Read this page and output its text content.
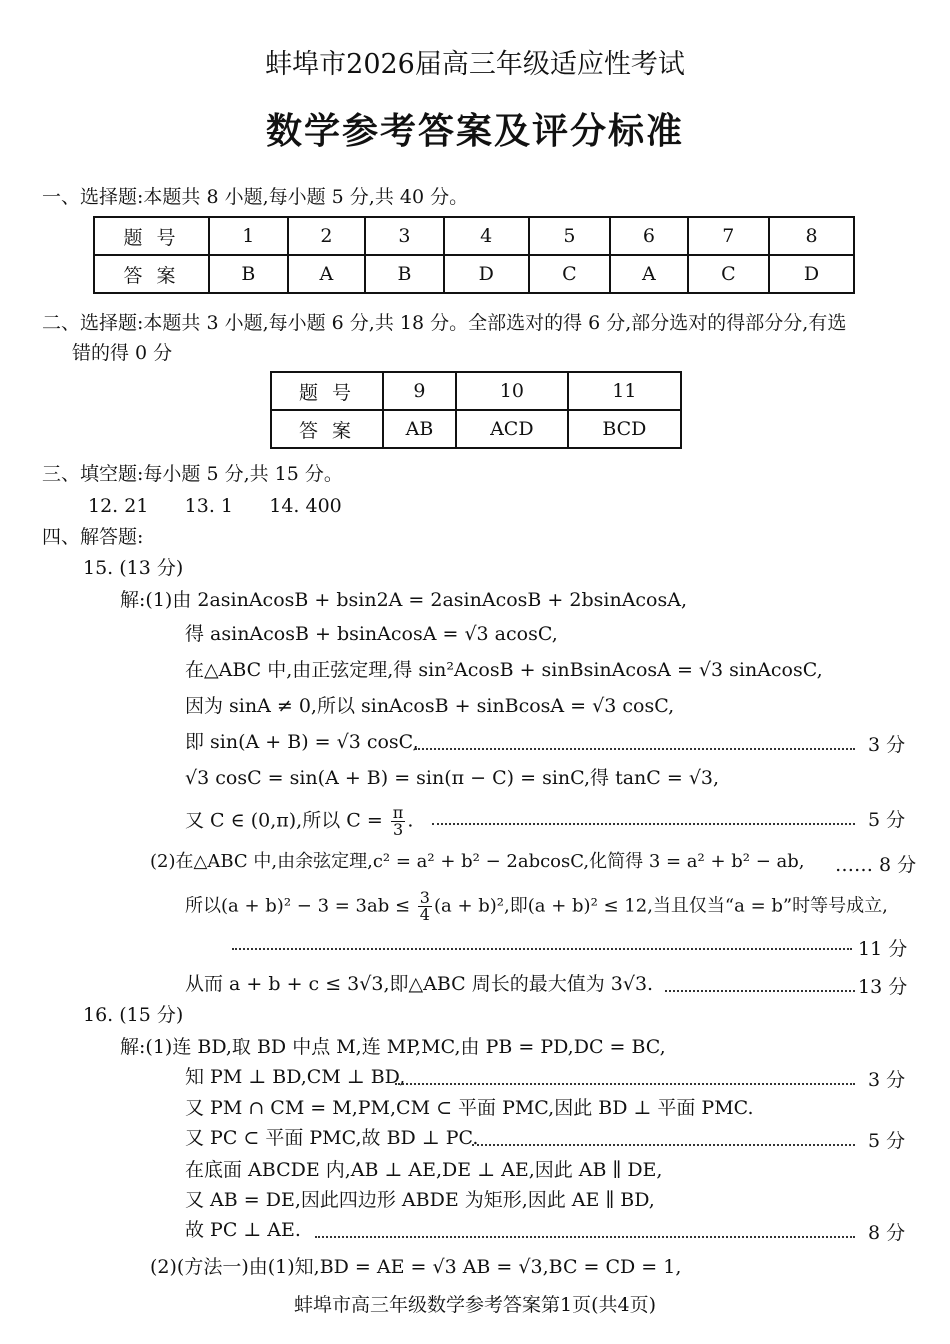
蚌埠市2026届高三年级适应性考试
数学参考答案及评分标准
一、选择题:本题共 8 小题,每小题 5 分,共 40 分。
题号	1	2	3	4	5	6	7	8
答案	B	A	B	D	C	A	C	D
二、选择题:本题共 3 小题,每小题 6 分,共 18 分。全部选对的得 6 分,部分选对的得部分分,有选
错的得 0 分
题号	9	10	11
答案	AB	ACD	BCD
三、填空题:每小题 5 分,共 15 分。
12. 21      13. 1      14. 400
四、解答题:
15. (13 分)
解:(1)由 2asinAcosB + bsin2A = 2asinAcosB + 2bsinAcosA,
得 asinAcosB + bsinAcosA = √3 acosC,
在△ABC 中,由正弦定理,得 sin²AcosB + sinBsinAcosA = √3 sinAcosC,
因为 sinA ≠ 0,所以 sinAcosB + sinBcosA = √3 cosC,
即 sin(A + B) = √3 cosC,	3 分
√3 cosC = sin(A + B) = sin(π − C) = sinC,得 tanC = √3,
又 C ∈ (0,π),所以 $C = \frac{\pi}{3}$ .	5 分
(2)在△ABC 中,由余弦定理,c² = a² + b² − 2abcosC,化简得 3 = a² + b² − ab, …… 8 分
所以$(a + b)^2 - 3 = 3ab \le \frac{3}{4} (a + b)^2$,即(a + b)² ≤ 12,当且仅当“a = b”时等号成立,
11 分
从而 a + b + c ≤ 3√3,即△ABC 周长的最大值为 3√3.	13 分
16. (15 分)
解:(1)连 BD,取 BD 中点 M,连 MP,MC,由 PB = PD,DC = BC,
知 PM ⊥ BD,CM ⊥ BD,	3 分
又 PM ∩ CM = M,PM,CM ⊂ 平面 PMC,因此 BD ⊥ 平面 PMC.
又 PC ⊂ 平面 PMC,故 BD ⊥ PC.	5 分
在底面 ABCDE 内,AB ⊥ AE,DE ⊥ AE,因此 AB ∥ DE,
又 AB = DE,因此四边形 ABDE 为矩形,因此 AE ∥ BD,
故 PC ⊥ AE.	8 分
(2)(方法一)由(1)知,BD = AE = √3 AB = √3,BC = CD = 1,
蚌埠市高三年级数学参考答案第1页(共4页)
